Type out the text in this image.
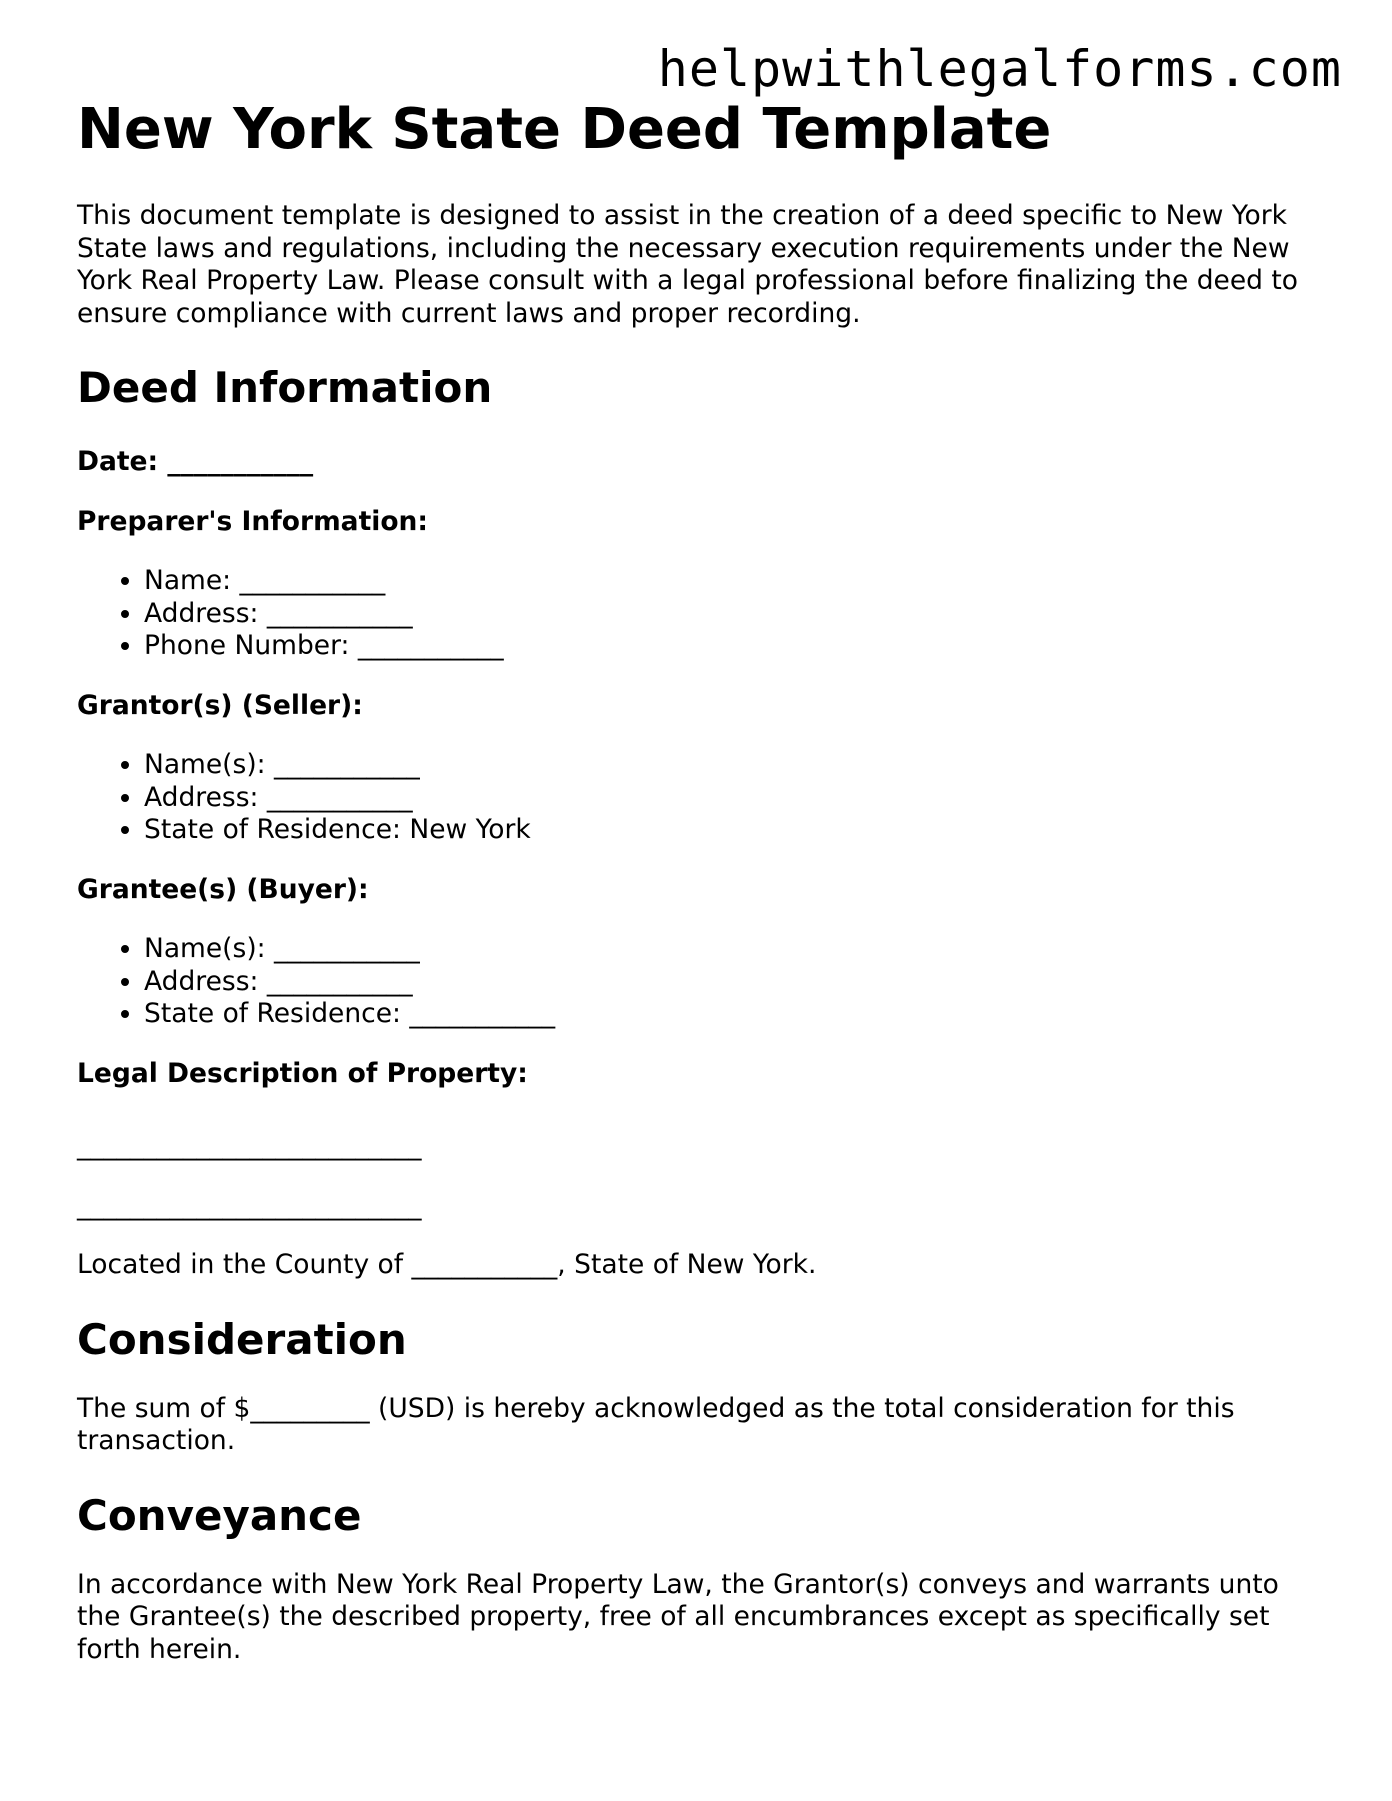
helpwithlegalforms.com
New York State Deed Template
This document template is designed to assist in the creation of a deed specific to New York State laws and regulations, including the necessary execution requirements under the New York Real Property Law. Please consult with a legal professional before finalizing the deed to ensure compliance with current laws and proper recording.
Deed Information
Date: ___________
Preparer's Information:
• Name: ___________
• Address: ___________
• Phone Number: ___________
Grantor(s) (Seller):
• Name(s): ___________
• Address: ___________
• State of Residence: New York
Grantee(s) (Buyer):
• Name(s): ___________
• Address: ___________
• State of Residence: ___________
Legal Description of Property:
__________________________
__________________________
Located in the County of ___________, State of New York.
Consideration

The sum of $_________ (USD) is hereby acknowledged as the total consideration for this transaction.

Conveyance

In accordance with New York Real Property Law, the Grantor(s) conveys and warrants unto the Grantee(s) the described property, free of all encumbrances except as specifically set forth herein.
